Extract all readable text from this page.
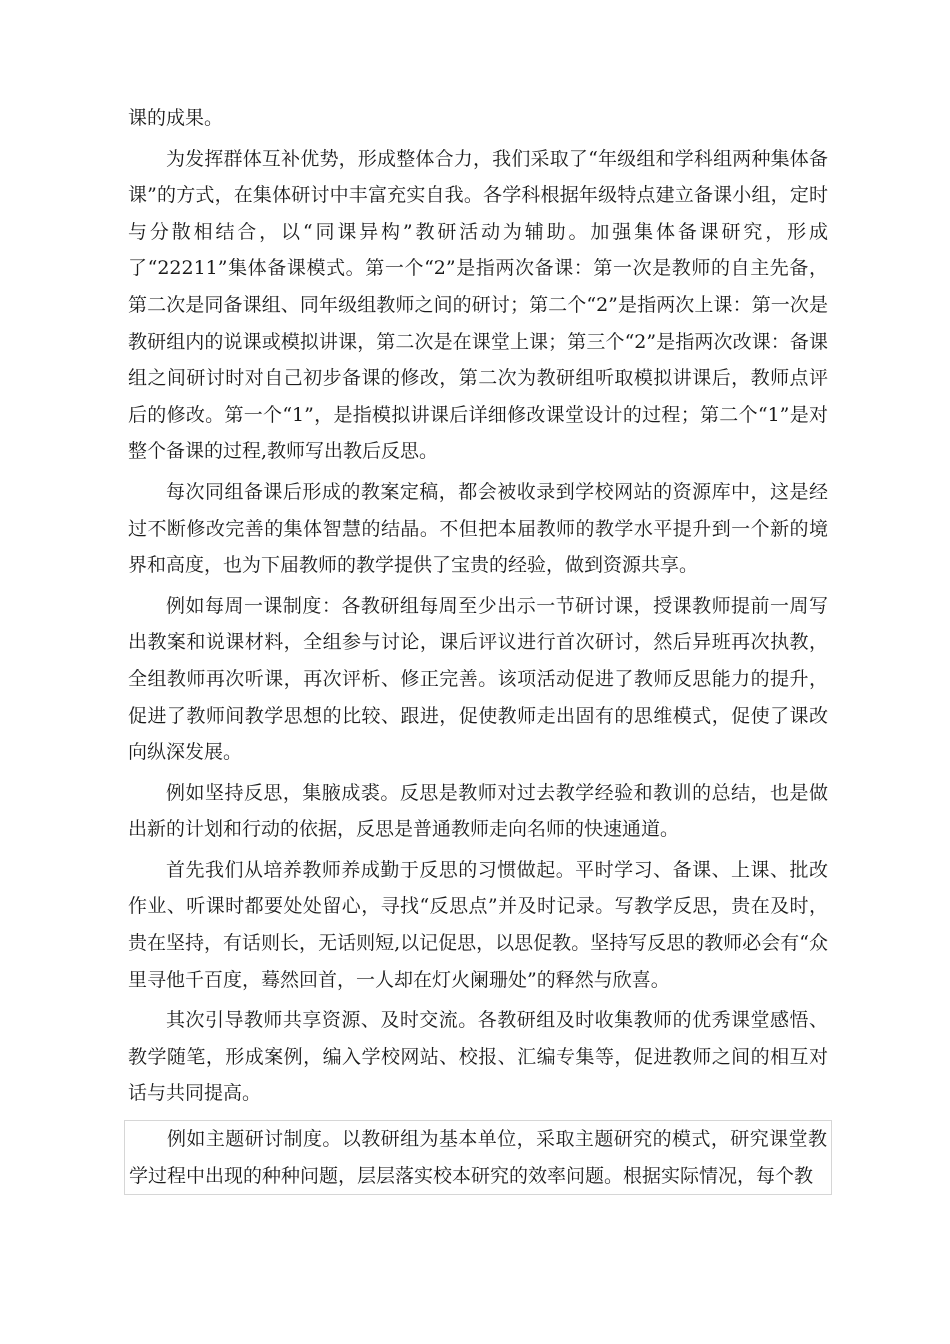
课的成果。

为发挥群体互补优势，形成整体合力，我们采取了“年级组和学科组两种集体备课”的方式，在集体研讨中丰富充实自我。各学科根据年级特点建立备课小组，定时与分散相结合，以“同课异构”教研活动为辅助。加强集体备课研究，形成了“22211”集体备课模式。第一个“2”是指两次备课：第一次是教师的自主先备，第二次是同备课组、同年级组教师之间的研讨；第二个“2”是指两次上课：第一次是教研组内的说课或模拟讲课，第二次是在课堂上课；第三个“2”是指两次改课：备课组之间研讨时对自己初步备课的修改，第二次为教研组听取模拟讲课后，教师点评后的修改。第一个“1”，是指模拟讲课后详细修改课堂设计的过程；第二个“1”是对整个备课的过程,教师写出教后反思。

每次同组备课后形成的教案定稿，都会被收录到学校网站的资源库中，这是经过不断修改完善的集体智慧的结晶。不但把本届教师的教学水平提升到一个新的境界和高度，也为下届教师的教学提供了宝贵的经验，做到资源共享。

例如每周一课制度：各教研组每周至少出示一节研讨课，授课教师提前一周写出教案和说课材料，全组参与讨论，课后评议进行首次研讨，然后异班再次执教，全组教师再次听课，再次评析、修正完善。该项活动促进了教师反思能力的提升，促进了教师间教学思想的比较、跟进，促使教师走出固有的思维模式，促使了课改向纵深发展。

例如坚持反思，集腋成裘。反思是教师对过去教学经验和教训的总结，也是做出新的计划和行动的依据，反思是普通教师走向名师的快速通道。

首先我们从培养教师养成勤于反思的习惯做起。平时学习、备课、上课、批改作业、听课时都要处处留心，寻找“反思点”并及时记录。写教学反思，贵在及时，贵在坚持，有话则长，无话则短,以记促思，以思促教。坚持写反思的教师必会有“众里寻他千百度，蓦然回首，一人却在灯火阑珊处”的释然与欣喜。

其次引导教师共享资源、及时交流。各教研组及时收集教师的优秀课堂感悟、教学随笔，形成案例，编入学校网站、校报、汇编专集等，促进教师之间的相互对话与共同提高。

例如主题研讨制度。以教研组为基本单位，采取主题研究的模式，研究课堂教学过程中出现的种种问题，层层落实校本研究的效率问题。根据实际情况，每个教
